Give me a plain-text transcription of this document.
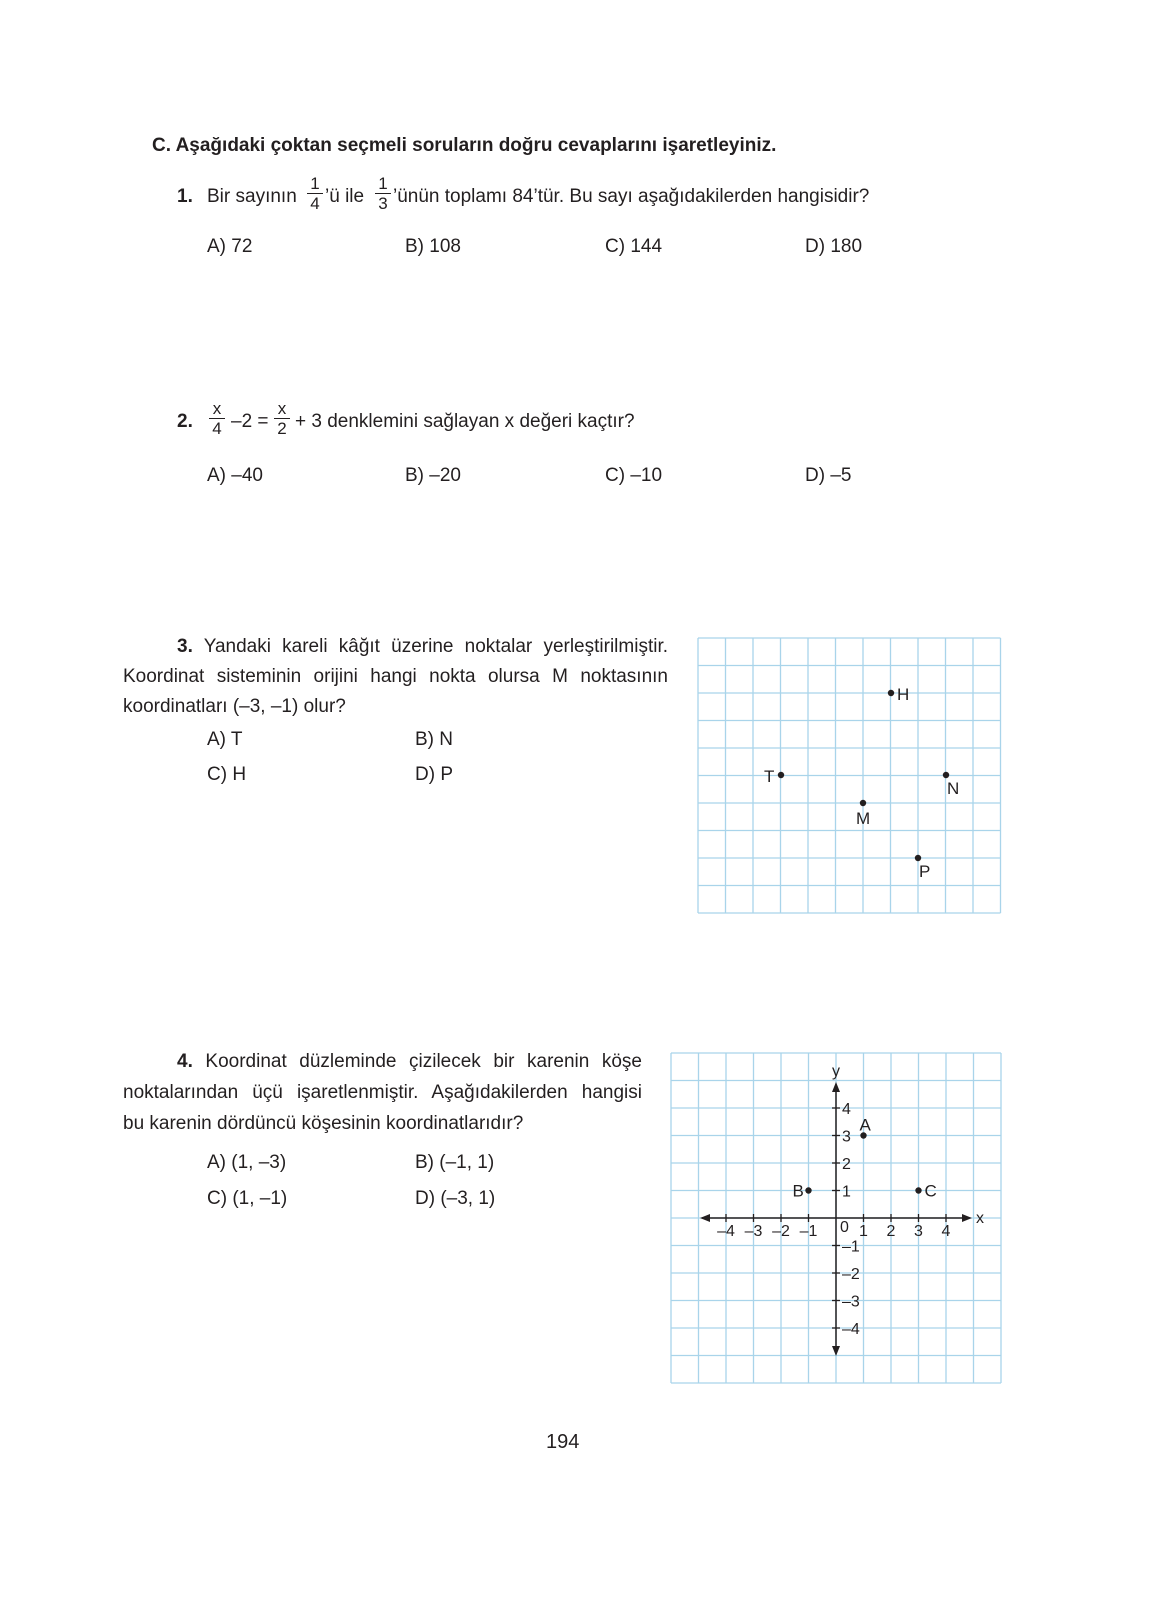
C. Aşağıdaki çoktan seçmeli soruların doğru cevaplarını işaretleyiniz.
1. Bir sayının
1
4 ’ü ile
1
3 ’ünün toplamı 84’tür. Bu sayı aşağıdakilerden hangisidir?
A) 72	B) 108	C) 144	D) 180
2.
x
4 –2 =
x
2 + 3 denklemini sağlayan x değeri kaçtır?
A) –40	B) –20	C) –10	D) –5
3. Yandaki kareli kâğıt üzerine noktalar yerleştirilmiştir.
Koordinat sisteminin orijini hangi nokta olursa M noktasının
koordinatları (–3, –1) olur?
A) T	B) N
C) H	D) P
H
T
N
M
P
4. Koordinat düzleminde çizilecek bir karenin köşe
noktalarından üçü işaretlenmiştir. Aşağıdakilerden hangisi
bu karenin dördüncü köşesinin koordinatlarıdır?
A) (1, –3)	B) (–1, 1)
C) (1, –1)	D) (–3, 1)
x
y
–4 –3 –2 –1	1 2 3 4
4
3
2
1
–1
–2
–3
–4
0
A
B	C
194
